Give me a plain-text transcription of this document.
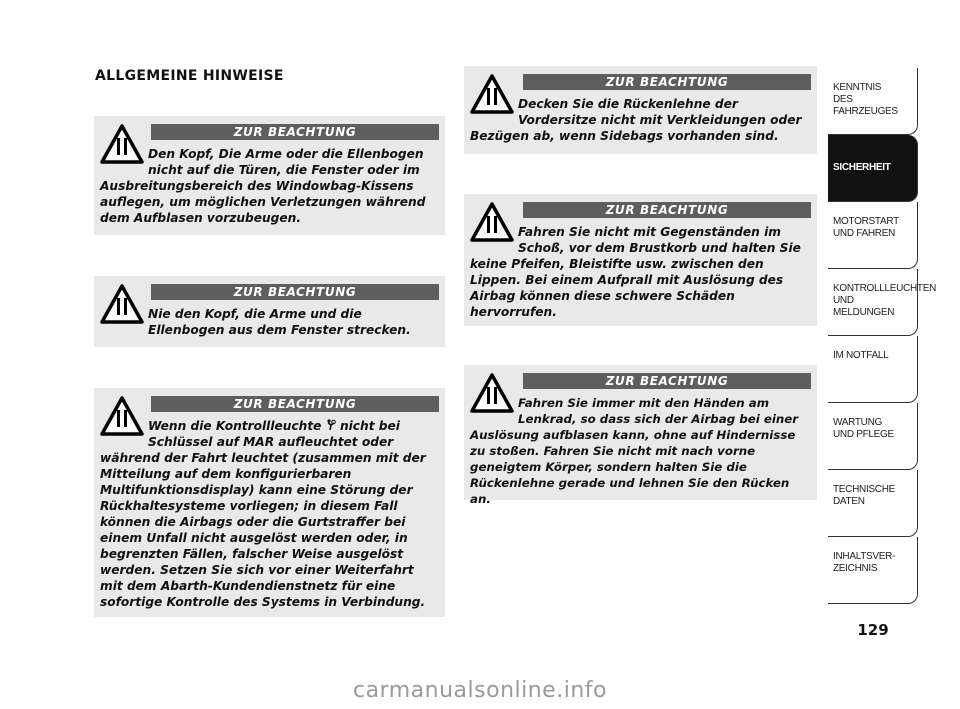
ALLGEMEINE HINWEISE
ZUR BEACHTUNG

Den Kopf, Die Arme oder die Ellenbogen nicht auf die Türen, die Fenster oder im Ausbreitungsbereich des Windowbag-Kissens auflegen, um möglichen Verletzungen während dem Aufblasen vorzubeugen.

ZUR BEACHTUNG

Nie den Kopf, die Arme und die Ellenbogen aus dem Fenster strecken.

ZUR BEACHTUNG

Wenn die Kontrollleuchte nicht bei Schlüssel auf MAR aufleuchtet oder während der Fahrt leuchtet (zusammen mit der Mitteilung auf dem konfigurierbaren Multifunktionsdisplay) kann eine Störung der Rückhaltesysteme vorliegen; in diesem Fall können die Airbags oder die Gurtstraffer bei einem Unfall nicht ausgelöst werden oder, in begrenzten Fällen, falscher Weise ausgelöst werden. Setzen Sie sich vor einer Weiterfahrt mit dem Abarth-Kundendienstnetz für eine sofortige Kontrolle des Systems in Verbindung.

ZUR BEACHTUNG

Decken Sie die Rückenlehne der Vordersitze nicht mit Verkleidungen oder Bezügen ab, wenn Sidebags vorhanden sind.

ZUR BEACHTUNG

Fahren Sie nicht mit Gegenständen im Schoß, vor dem Brustkorb und halten Sie keine Pfeifen, Bleistifte usw. zwischen den Lippen. Bei einem Aufprall mit Auslösung des Airbag können diese schwere Schäden hervorrufen.

ZUR BEACHTUNG

Fahren Sie immer mit den Händen am Lenkrad, so dass sich der Airbag bei einer Auslösung aufblasen kann, ohne auf Hindernisse zu stoßen. Fahren Sie nicht mit nach vorne geneigtem Körper, sondern halten Sie die Rückenlehne gerade und lehnen Sie den Rücken an.

KENNTNIS
DES FAHRZEUGES
SICHERHEIT
MOTORSTART
UND FAHREN
KONTROLLLEUCHTEN
UND MELDUNGEN
IM NOTFALL
WARTUNG
UND PFLEGE
TECHNISCHE
DATEN
INHALTSVER-
ZEICHNIS
129
carmanualsonline.info
